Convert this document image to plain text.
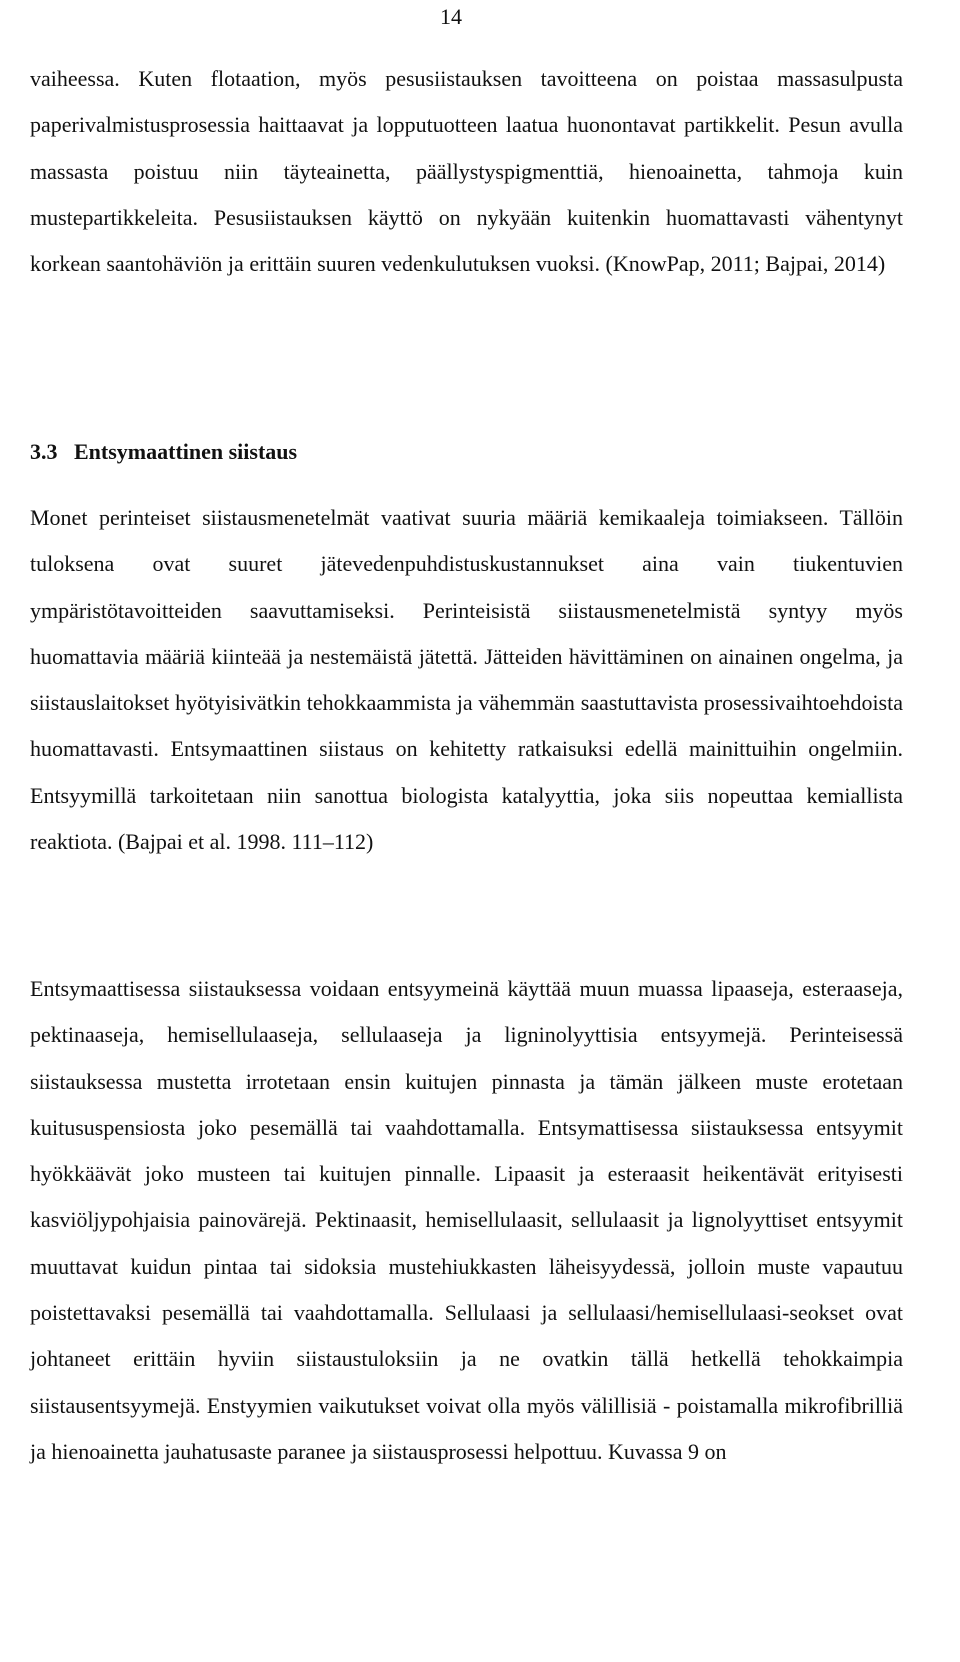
14

vaiheessa. Kuten flotaation, myös pesusiistauksen tavoitteena on poistaa massasulpusta paperivalmistusprosessia haittaavat ja lopputuotteen laatua huonontavat partikkelit. Pesun avulla massasta poistuu niin täyteainetta, päällystyspigmenttiä, hienoainetta, tahmoja kuin mustepartikkeleita. Pesusiistauksen käyttö on nykyään kuitenkin huomattavasti vähentynyt korkean saantohäviön ja erittäin suuren vedenkulutuksen vuoksi. (KnowPap, 2011; Bajpai, 2014)

3.3 Entsymaattinen siistaus

Monet perinteiset siistausmenetelmät vaativat suuria määriä kemikaaleja toimiakseen. Tällöin tuloksena ovat suuret jätevedenpuhdistuskustannukset aina vain tiukentuvien ympäristötavoitteiden saavuttamiseksi. Perinteisistä siistausmenetelmistä syntyy myös huomattavia määriä kiinteää ja nestemäistä jätettä. Jätteiden hävittäminen on ainainen ongelma, ja siistauslaitokset hyötyisivätkin tehokkaammista ja vähemmän saastuttavista prosessivaihtoehdoista huomattavasti. Entsymaattinen siistaus on kehitetty ratkaisuksi edellä mainittuihin ongelmiin. Entsyymillä tarkoitetaan niin sanottua biologista katalyyttia, joka siis nopeuttaa kemiallista reaktiota. (Bajpai et al. 1998. 111–112)

Entsymaattisessa siistauksessa voidaan entsyymeinä käyttää muun muassa lipaaseja, esteraaseja, pektinaaseja, hemisellulaaseja, sellulaaseja ja ligninolyyttisia entsyymejä. Perinteisessä siistauksessa mustetta irrotetaan ensin kuitujen pinnasta ja tämän jälkeen muste erotetaan kuitususpensiosta joko pesemällä tai vaahdottamalla. Entsymattisessa siistauksessa entsyymit hyökkäävät joko musteen tai kuitujen pinnalle. Lipaasit ja esteraasit heikentävät erityisesti kasviöljypohjaisia painovärejä. Pektinaasit, hemisellulaasit, sellulaasit ja lignolyyttiset entsyymit muuttavat kuidun pintaa tai sidoksia mustehiukkasten läheisyydessä, jolloin muste vapautuu poistettavaksi pesemällä tai vaahdottamalla. Sellulaasi ja sellulaasi/hemisellulaasi-seokset ovat johtaneet erittäin hyviin siistaustuloksiin ja ne ovatkin tällä hetkellä tehokkaimpia siistausentsyymejä. Enstyymien vaikutukset voivat olla myös välillisiä - poistamalla mikrofibrilliä ja hienoainetta jauhatusaste paranee ja siistausprosessi helpottuu. Kuvassa 9 on
